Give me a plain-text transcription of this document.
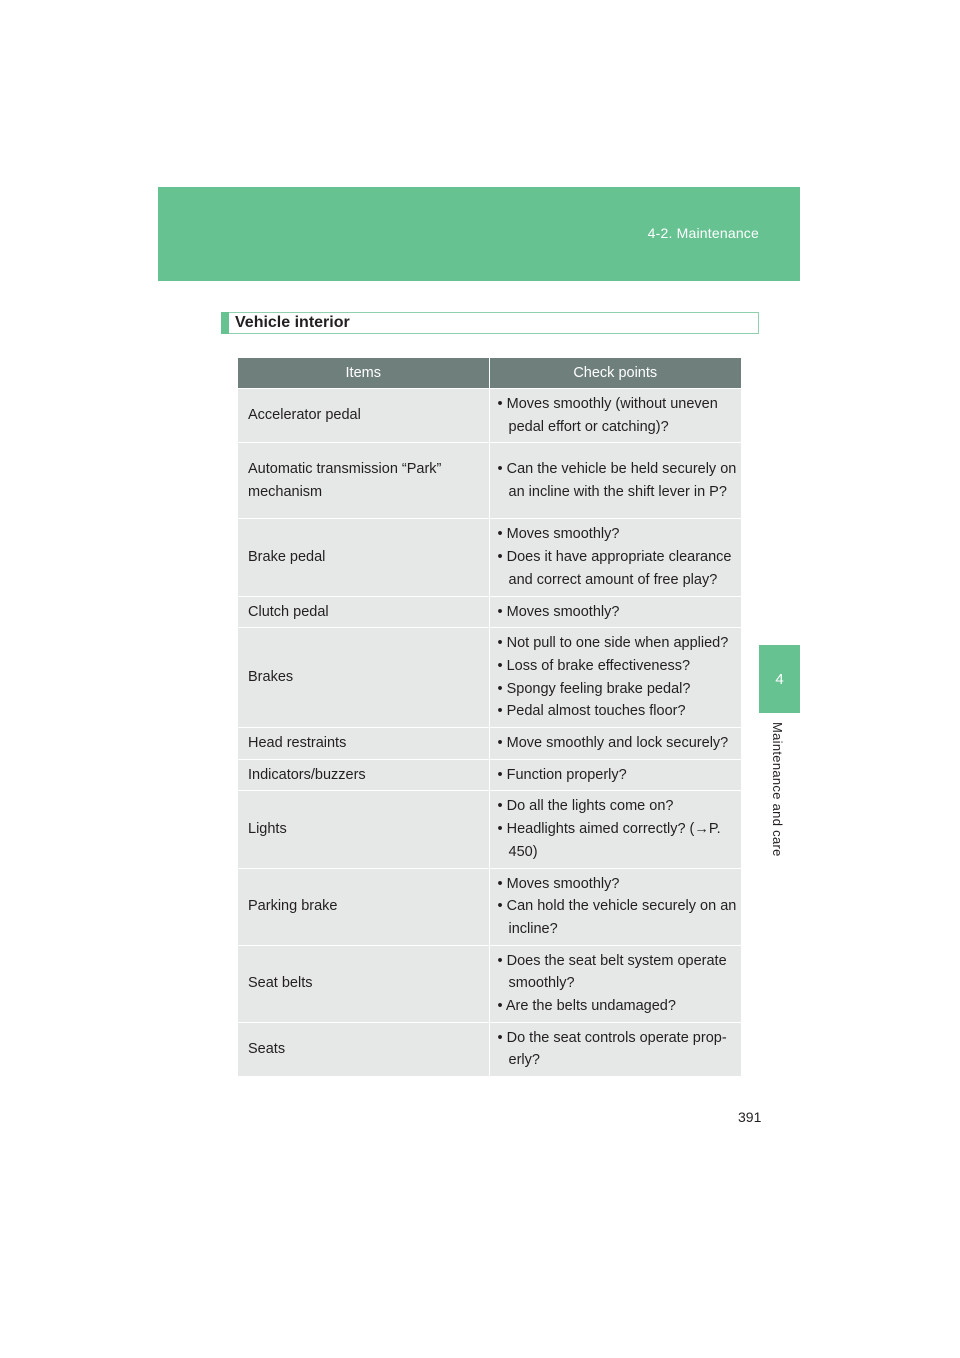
4-2. Maintenance
4
Maintenance and care
Vehicle interior
Items	Check points
Accelerator pedal	• Moves smoothly (without uneven pedal effort or catching)?

Automatic transmission “Park” mechanism	• Can the vehicle be held securely on an incline with the shift lever in P?

Brake pedal	• Moves smoothly?
• Does it have appropriate clearance and correct amount of free play?

Clutch pedal	• Moves smoothly?

Brakes	• Not pull to one side when applied?
• Loss of brake effectiveness?
• Spongy feeling brake pedal?
• Pedal almost touches floor?

Head restraints	• Move smoothly and lock securely?

Indicators/buzzers	• Function properly?

Lights	• Do all the lights come on?
• Headlights aimed correctly? (→P. 450)

Parking brake	• Moves smoothly?
• Can hold the vehicle securely on an incline?

Seat belts	• Does the seat belt system operate smoothly?
• Are the belts undamaged?

Seats	• Do the seat controls operate prop- erly?
391
